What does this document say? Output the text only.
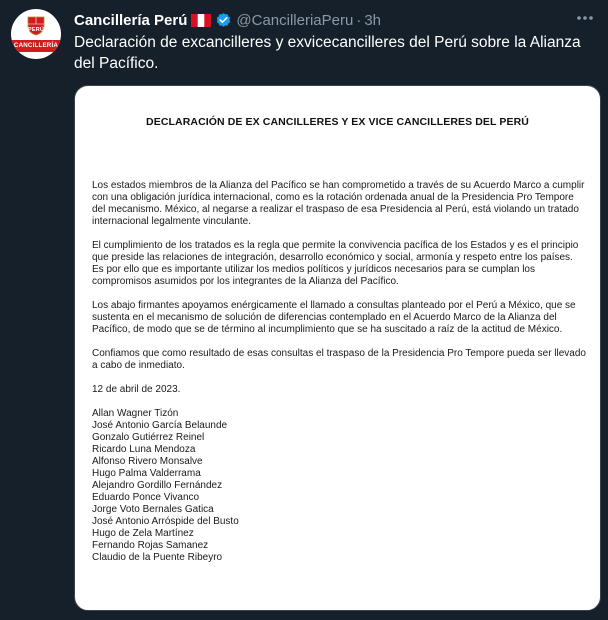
PERÚ
CANCILLERÍA
Cancillería Perú	@CancilleriaPeru · 3h
Declaración de excancilleres y exvicecancilleres del Perú sobre la Alianza del Pacífico.
DECLARACIÓN DE EX CANCILLERES Y EX VICE CANCILLERES DEL PERÚ

Los estados miembros de la Alianza del Pacífico se han comprometido a través de su Acuerdo Marco a cumplir con una obligación jurídica internacional, como es la rotación ordenada anual de la Presidencia Pro Tempore del mecanismo. México, al negarse a realizar el traspaso de esa Presidencia al Perú, está violando un tratado internacional legalmente vinculante.

El cumplimiento de los tratados es la regla que permite la convivencia pacífica de los Estados y es el principio que preside las relaciones de integración, desarrollo económico y social, armonía y respeto entre los países. Es por ello que es importante utilizar los medios políticos y jurídicos necesarios para se cumplan los compromisos asumidos por los integrantes de la Alianza del Pacífico.

Los abajo firmantes apoyamos enérgicamente el llamado a consultas planteado por el Perú a México, que se sustenta en el mecanismo de solución de diferencias contemplado en el Acuerdo Marco de la Alianza del Pacífico, de modo que se de término al incumplimiento que se ha suscitado a raíz de la actitud de México.

Confiamos que como resultado de esas consultas el traspaso de la Presidencia Pro Tempore pueda ser llevado a cabo de inmediato.

12 de abril de 2023.

Allan Wagner Tizón
José Antonio García Belaunde
Gonzalo Gutiérrez Reinel
Ricardo Luna Mendoza
Alfonso Rivero Monsalve
Hugo Palma Valderrama
Alejandro Gordillo Fernández
Eduardo Ponce Vivanco
Jorge Voto Bernales Gatica
José Antonio Arróspide del Busto
Hugo de Zela Martínez
Fernando Rojas Samanez
Claudio de la Puente Ribeyro
